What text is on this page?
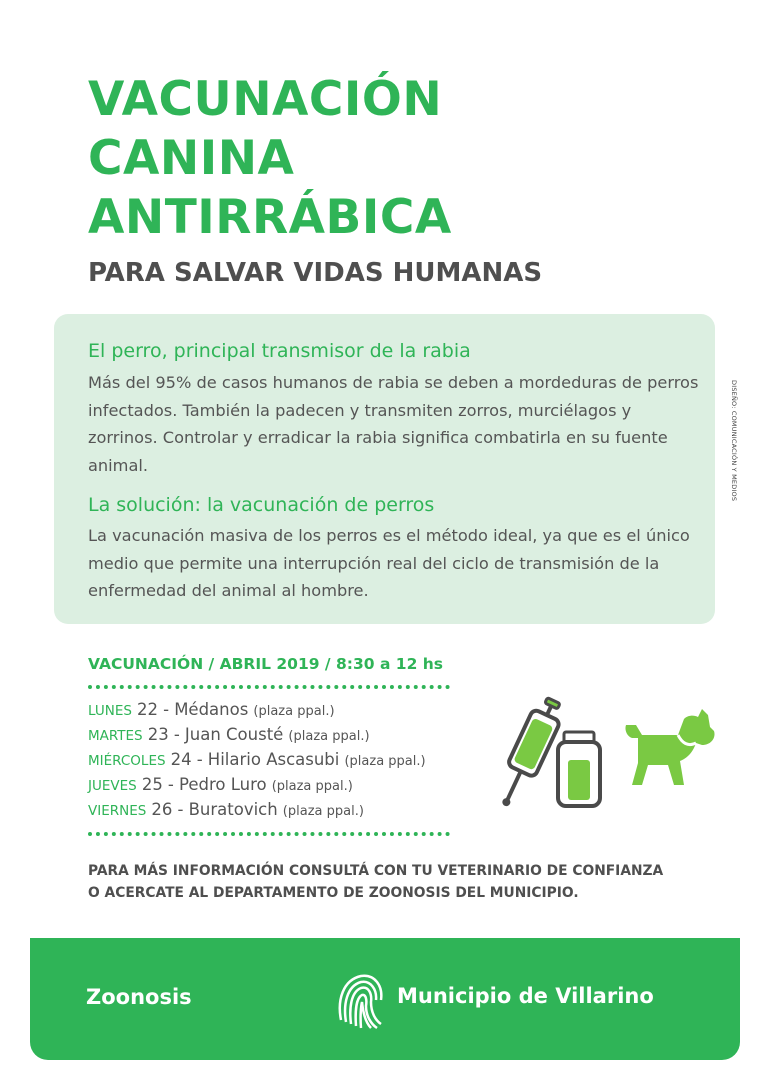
VACUNACIÓN
CANINA
ANTIRRÁBICA
PARA SALVAR VIDAS HUMANAS
El perro, principal transmisor de la rabia

Más del 95% de casos humanos de rabia se deben a mordeduras de perros infectados. También la padecen y transmiten zorros, murciélagos y zorrinos. Controlar y erradicar la rabia significa combatirla en su fuente animal.

La solución: la vacunación de perros

La vacunación masiva de los perros es el método ideal, ya que es el único medio que permite una interrupción real del ciclo de transmisión de la enfermedad del animal al hombre.

VACUNACIÓN / ABRIL 2019 / 8:30 a 12 hs
LUNES 22 - Médanos (plaza ppal.)
MARTES 23 - Juan Cousté (plaza ppal.)
MIÉRCOLES 24 - Hilario Ascasubi (plaza ppal.)
JUEVES 25 - Pedro Luro (plaza ppal.)
VIERNES 26 - Buratovich (plaza ppal.)
PARA MÁS INFORMACIÓN CONSULTÁ CON TU VETERINARIO DE CONFIANZA
O ACERCATE AL DEPARTAMENTO DE ZOONOSIS DEL MUNICIPIO.
Zoonosis	Municipio de Villarino
DISEÑO: COMUNICACIÓN Y MEDIOS
